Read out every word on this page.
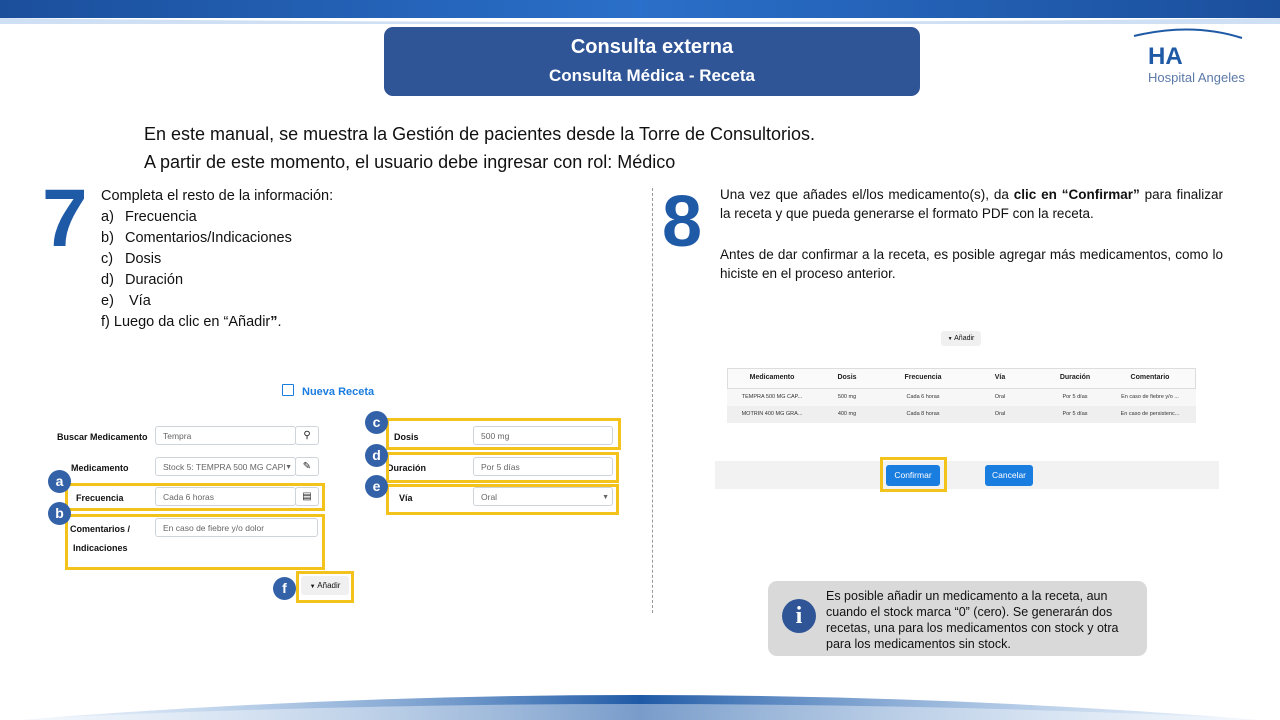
Consulta externa
Consulta Médica - Receta
HA
Hospital Angeles
En este manual, se muestra la Gestión de pacientes desde la Torre de Consultorios.
A partir de este momento, el usuario debe ingresar con rol: Médico
7 Completa el resto de la información:
a) Frecuencia
b) Comentarios/Indicaciones
c) Dosis
d) Duración
e) Vía
f) Luego da clic en “Añadir”.
Nueva Receta
Buscar Medicamento	Tempra	⚲
Medicamento	Stock 5: TEMPRA 500 MG CAPI ▼ ✎
Frecuencia	Cada 6 horas	▤
Comentarios /
Indicaciones
En caso de fiebre y/o dolor
Dosis	500 mg
Duración	Por 5 días
Vía	Oral	▼
▼ Añadir
a
b
c
d
e
f
8 Una vez que añades el/los medicamento(s), da clic en “Confirmar” para finalizar la receta y que pueda generarse el formato PDF con la receta.
Antes de dar confirmar a la receta, es posible agregar más medicamentos, como lo hiciste en el proceso anterior.
▼ Añadir
Medicamento	Dosis	Frecuencia	Vía	Duración	Comentario
TEMPRA 500 MG CAP...	500 mg	Cada 6 horas	Oral	Por 5 días	En caso de fiebre y/o ...
MOTRIN 400 MG GRA...	400 mg	Cada 8 horas	Oral	Por 5 días	En caso de persistenc...
Confirmar	Cancelar
i
Es posible añadir un medicamento a la receta, aun cuando el stock marca “0” (cero). Se generarán dos recetas, una para los medicamentos con stock y otra para los medicamentos sin stock.
